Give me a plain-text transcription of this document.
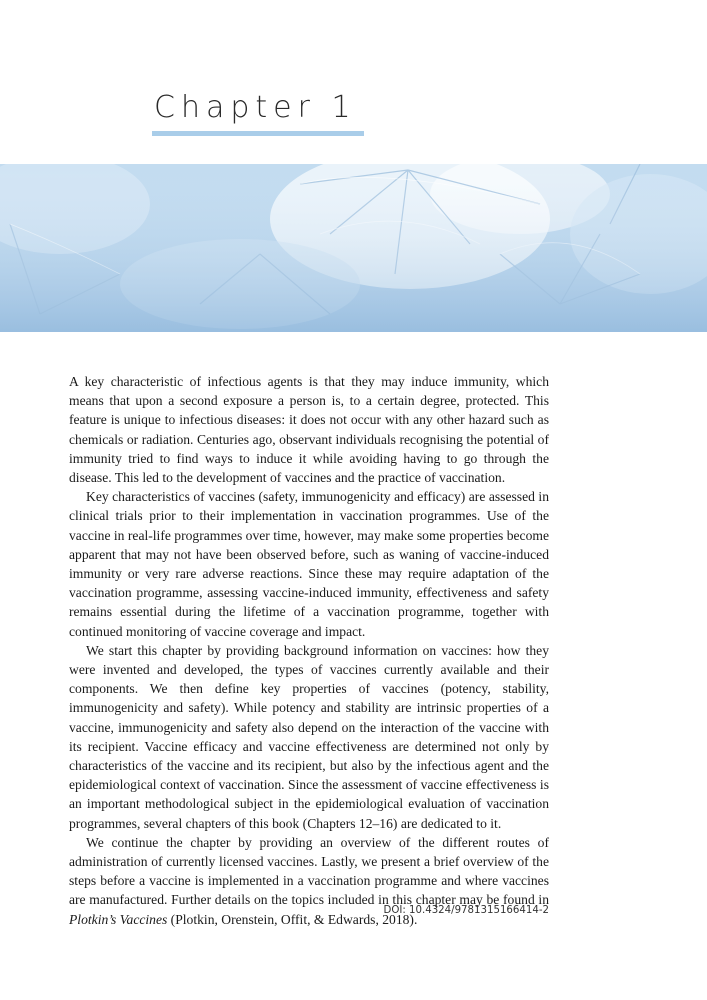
Chapter 1

A key characteristic of infectious agents is that they may induce immunity, which means that upon a second exposure a person is, to a certain degree, protected. This feature is unique to infectious diseases: it does not occur with any other hazard such as chemicals or radiation. Centuries ago, observant individuals recognising the potential of immunity tried to find ways to induce it while avoiding having to go through the disease. This led to the development of vaccines and the practice of vaccination.

Key characteristics of vaccines (safety, immunogenicity and efficacy) are assessed in clinical trials prior to their implementation in vaccination programmes. Use of the vaccine in real-life programmes over time, however, may make some properties become apparent that may not have been observed before, such as waning of vaccine-induced immunity or very rare adverse reactions. Since these may require adaptation of the vaccination programme, assessing vaccine-induced immunity, effectiveness and safety remains essential during the lifetime of a vaccination programme, together with continued monitoring of vaccine coverage and impact.

We start this chapter by providing background information on vaccines: how they were invented and developed, the types of vaccines currently available and their components. We then define key properties of vaccines (potency, stability, immunogenicity and safety). While potency and stability are intrinsic properties of a vaccine, immunogenicity and safety also depend on the interaction of the vaccine with its recipient. Vaccine efficacy and vaccine effectiveness are determined not only by characteristics of the vaccine and its recipient, but also by the infectious agent and the epidemiological context of vaccination. Since the assessment of vaccine effectiveness is an important methodological subject in the epidemiological evaluation of vaccination programmes, several chapters of this book (Chapters 12–16) are dedicated to it.

We continue the chapter by providing an overview of the different routes of administration of currently licensed vaccines. Lastly, we present a brief overview of the steps before a vaccine is implemented in a vaccination programme and where vaccines are manufactured. Further details on the topics included in this chapter may be found in Plotkin’s Vaccines (Plotkin, Orenstein, Offit, & Edwards, 2018).

DOI: 10.4324/9781315166414-2
